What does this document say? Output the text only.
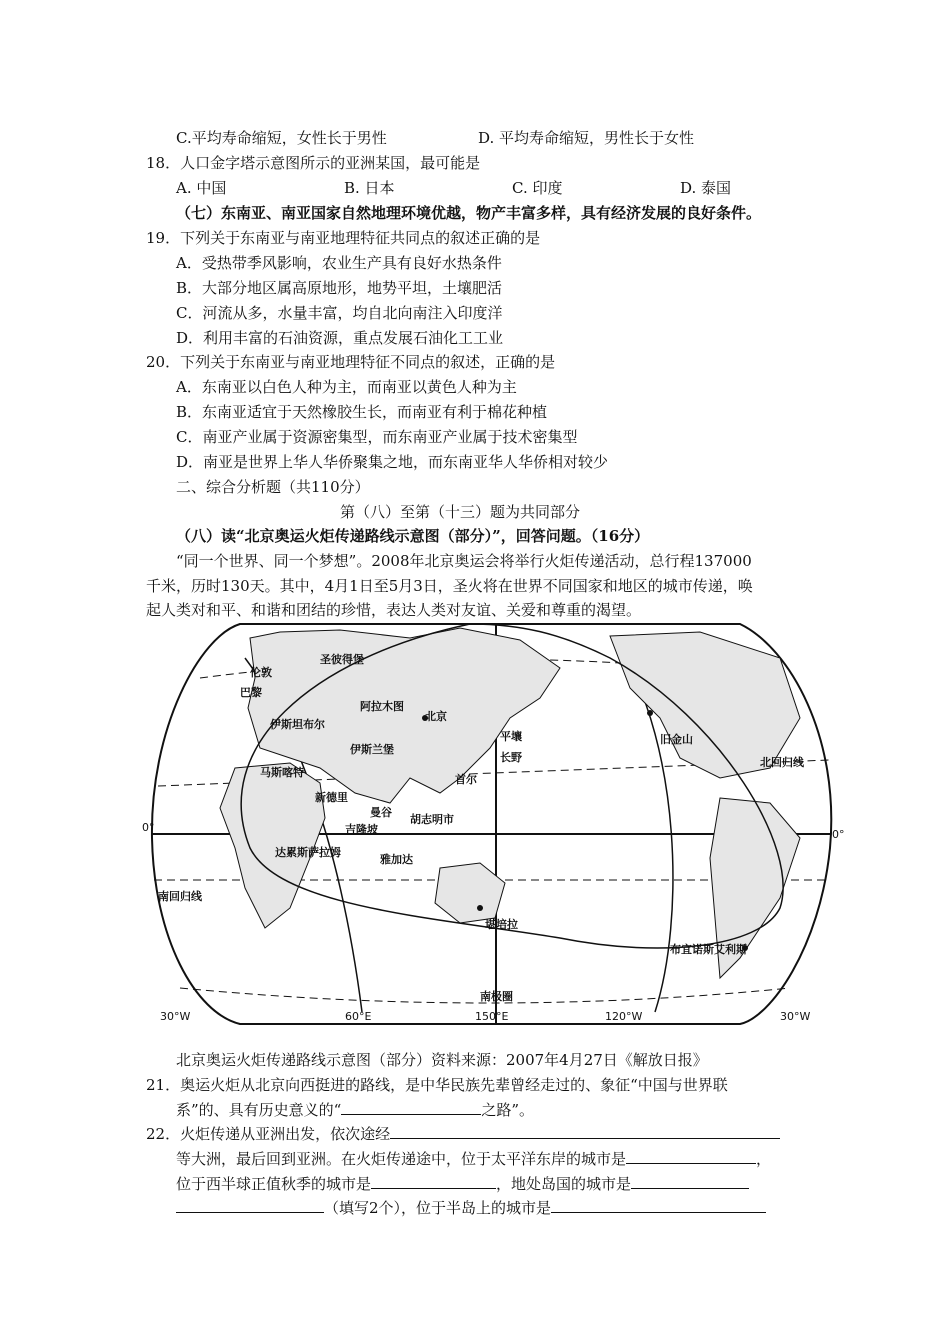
C.平均寿命缩短，女性长于男性	D. 平均寿命缩短，男性长于女性
18．人口金字塔示意图所示的亚洲某国，最可能是
A. 中国	B. 日本	C. 印度	D. 泰国
（七）东南亚、南亚国家自然地理环境优越，物产丰富多样，具有经济发展的良好条件。
19．下列关于东南亚与南亚地理特征共同点的叙述正确的是
A．受热带季风影响，农业生产具有良好水热条件
B．大部分地区属高原地形，地势平坦，土壤肥活
C．河流从多，水量丰富，均自北向南注入印度洋
D．利用丰富的石油资源，重点发展石油化工工业
20．下列关于东南亚与南亚地理特征不同点的叙述，正确的是
A．东南亚以白色人种为主，而南亚以黄色人种为主
B．东南亚适宜于天然橡胶生长，而南亚有利于棉花种植
C．南亚产业属于资源密集型，而东南亚产业属于技术密集型
D．南亚是世界上华人华侨聚集之地，而东南亚华人华侨相对较少
二、综合分析题（共110分）
第（八）至第（十三）题为共同部分
（八）读“北京奥运火炬传递路线示意图（部分）”，回答问题。（16分）
“同一个世界、同一个梦想”。2008年北京奥运会将举行火炬传递活动，总行程137000
千米，历时130天。其中，4月1日至5月3日，圣火将在世界不同国家和地区的城市传递，唤
起人类对和平、和谐和团结的珍惜，表达人类对友谊、关爱和尊重的渴望。
伦敦
圣彼得堡
巴黎
伊斯坦布尔
阿拉木图
北京
伊斯兰堡
平壤
长野
首尔
马斯喀特
新德里
曼谷
吉隆坡
胡志明市
雅加达
堪培拉
旧金山
布宜诺斯艾利斯
达累斯萨拉姆
北回归线
南回归线
南极圈
30°W	60°E	150°E	120°W	30°W
0°
0°
北京奥运火炬传递路线示意图（部分）资料来源：2007年4月27日《解放日报》
21．奥运火炬从北京向西挺进的路线，是中华民族先辈曾经走过的、象征“中国与世界联
系”的、具有历史意义的“	之路”。
22．火炬传递从亚洲出发，依次途经
等大洲，最后回到亚洲。在火炬传递途中，位于太平洋东岸的城市是	，
位于西半球正值秋季的城市是	，地处岛国的城市是
（填写2个），位于半岛上的城市是
